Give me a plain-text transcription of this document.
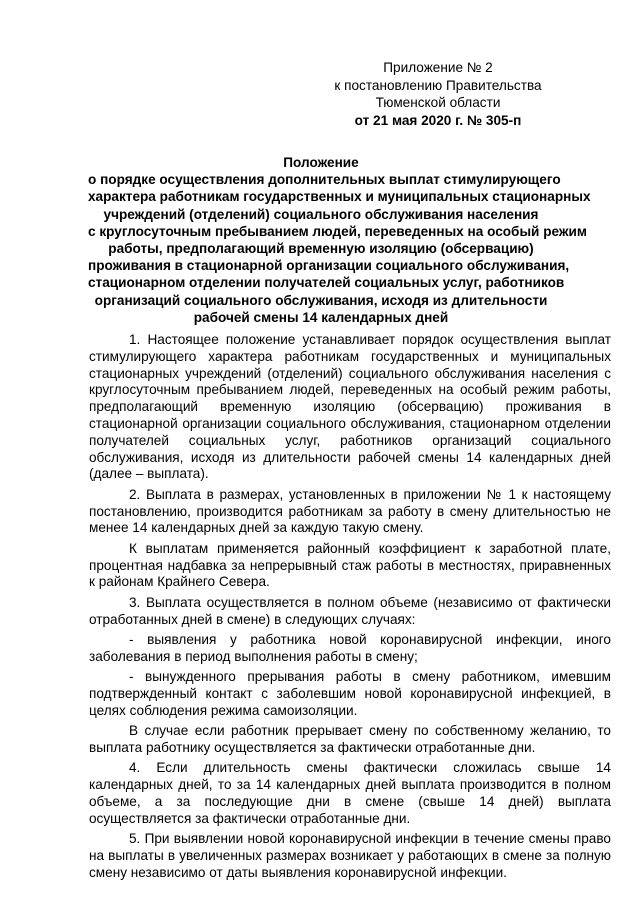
Приложение № 2
к постановлению Правительства
Тюменской области
от 21 мая 2020 г. № 305-п
Положение
о порядке осуществления дополнительных выплат стимулирующего
характера работникам государственных и муниципальных стационарных
учреждений (отделений) социального обслуживания населения
с круглосуточным пребыванием людей, переведенных на особый режим
работы, предполагающий временную изоляцию (обсервацию)
проживания в стационарной организации социального обслуживания,
стационарном отделении получателей социальных услуг, работников
организаций социального обслуживания, исходя из длительности
рабочей смены 14 календарных дней

1. Настоящее положение устанавливает порядок осуществления выплат стимулирующего характера работникам государственных и муниципальных стационарных учреждений (отделений) социального обслуживания населения с круглосуточным пребыванием людей, переведенных на особый режим работы, предполагающий временную изоляцию (обсервацию) проживания в стационарной организации социального обслуживания, стационарном отделении получателей социальных услуг, работников организаций социального обслуживания, исходя из длительности рабочей смены 14 календарных дней (далее – выплата).

2. Выплата в размерах, установленных в приложении № 1 к настоящему постановлению, производится работникам за работу в смену длительностью не менее 14 календарных дней за каждую такую смену.

К выплатам применяется районный коэффициент к заработной плате, процентная надбавка за непрерывный стаж работы в местностях, приравненных к районам Крайнего Севера.

3. Выплата осуществляется в полном объеме (независимо от фактически отработанных дней в смене) в следующих случаях:

- выявления у работника новой коронавирусной инфекции, иного заболевания в период выполнения работы в смену;

- вынужденного прерывания работы в смену работником, имевшим подтвержденный контакт с заболевшим новой коронавирусной инфекцией, в целях соблюдения режима самоизоляции.

В случае если работник прерывает смену по собственному желанию, то выплата работнику осуществляется за фактически отработанные дни.

4. Если длительность смены фактически сложилась свыше 14 календарных дней, то за 14 календарных дней выплата производится в полном объеме, а за последующие дни в смене (свыше 14 дней) выплата осуществляется за фактически отработанные дни.

5. При выявлении новой коронавирусной инфекции в течение смены право на выплаты в увеличенных размерах возникает у работающих в смене за полную смену независимо от даты выявления коронавирусной инфекции.
